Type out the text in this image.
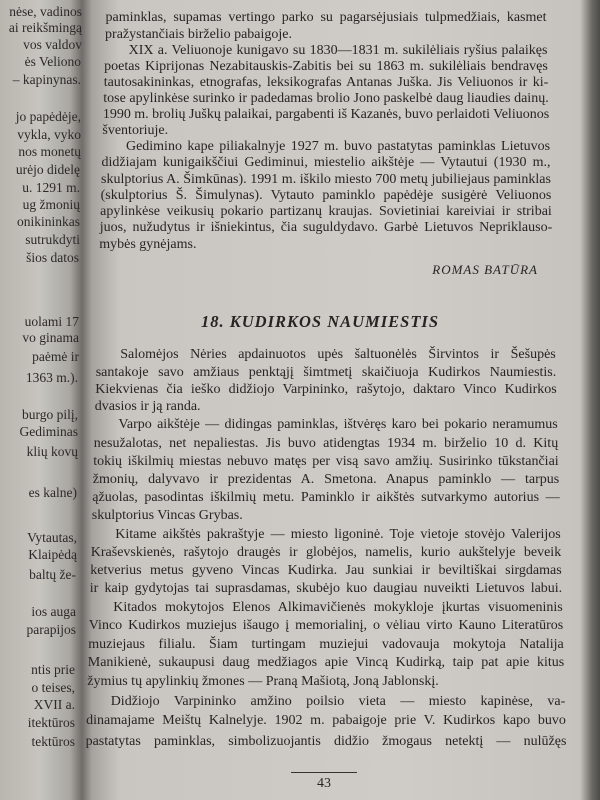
nėse, vadinos
ai reikšmingą
vos valdov
ės Veliono
– kapinynas.
jo papėdėje,
vykla, vyko
nos monetų
urėjo didelę
u. 1291 m.
ug žmonių
onikininkas
sutrukdyti
šios datos
uolami 17
vo ginama
paėmė ir
1363 m.).
burgo pilį,
Gediminas
klių kovų
es kalne)
Vytautas,
Klaipėdą
baltų že-
ios auga
parapijos
ntis prie
o teises,
XVII a.
itektūros
tektūros
ROMAS BATŪRA
18. KUDIRKOS NAUMIESTIS
43
paminklas, supamas vertingo parko su pagarsėjusiais tulpmedžiais, kasmet
pražystančiais birželio pabaigoje.
XIX a. Veliuonoje kunigavo su 1830—1831 m. sukilėliais ryšius palaikęs
poetas Kiprijonas Nezabitauskis-Zabitis bei su 1863 m. sukilėliais bendravęs
tautosakininkas, etnografas, leksikografas Antanas Juška. Jis Veliuonos ir ki-
tose apylinkėse surinko ir padedamas brolio Jono paskelbė daug liaudies dainų.
1990 m. brolių Juškų palaikai, pargabenti iš Kazanės, buvo perlaidoti Veliuonos
šventoriuje.
Gedimino kape piliakalnyje 1927 m. buvo pastatytas paminklas Lietuvos
didžiajam kunigaikščiui Gediminui, miestelio aikštėje — Vytautui (1930 m.,
skulptorius A. Šimkūnas). 1991 m. iškilo miesto 700 metų jubiliejaus paminklas
(skulptorius Š. Šimulynas). Vytauto paminklo papėdėje susigėrė Veliuonos
apylinkėse veikusių pokario partizanų kraujas. Sovietiniai kareiviai ir stribai
juos, nužudytus ir išniekintus, čia suguldydavo. Garbė Lietuvos Nepriklauso-
mybės gynėjams.
Salomėjos Nėries apdainuotos upės šaltuonėlės Širvintos ir Šešupės
santakoje savo amžiaus penktąjį šimtmetį skaičiuoja Kudirkos Naumiestis.
Kiekvienas čia ieško didžiojo Varpininko, rašytojo, daktaro Vinco Kudirkos
dvasios ir ją randa.
Varpo aikštėje — didingas paminklas, ištvėręs karo bei pokario neramumus
nesužalotas, net nepaliestas. Jis buvo atidengtas 1934 m. birželio 10 d. Kitų
tokių iškilmių miestas nebuvo matęs per visą savo amžių. Susirinko tūkstančiai
žmonių, dalyvavo ir prezidentas A. Smetona. Anapus paminklo — tarpus
ąžuolas, pasodintas iškilmių metu. Paminklo ir aikštės sutvarkymo autorius —
skulptorius Vincas Grybas.
Kitame aikštės pakraštyje — miesto ligoninė. Toje vietoje stovėjo Valerijos
Kraševskienės, rašytojo draugės ir globėjos, namelis, kurio aukštelyje beveik
ketverius metus gyveno Vincas Kudirka. Jau sunkiai ir beviltiškai sirgdamas
ir kaip gydytojas tai suprasdamas, skubėjo kuo daugiau nuveikti Lietuvos labui.
Kitados mokytojos Elenos Alkimavičienės mokykloje įkurtas visuomeninis
Vinco Kudirkos muziejus išaugo į memorialinį, o vėliau virto Kauno Literatūros
muziejaus filialu. Šiam turtingam muziejui vadovauja mokytoja Natalija
Manikienė, sukaupusi daug medžiagos apie Vincą Kudirką, taip pat apie kitus
žymius tų apylinkių žmones — Praną Mašiotą, Joną Jablonskį.
Didžiojo Varpininko amžino poilsio vieta — miesto kapinėse, va-
dinamajame Meištų Kalnelyje. 1902 m. pabaigoje prie V. Kudirkos kapo buvo
pastatytas paminklas, simbolizuojantis didžio žmogaus netektį — nulūžęs
